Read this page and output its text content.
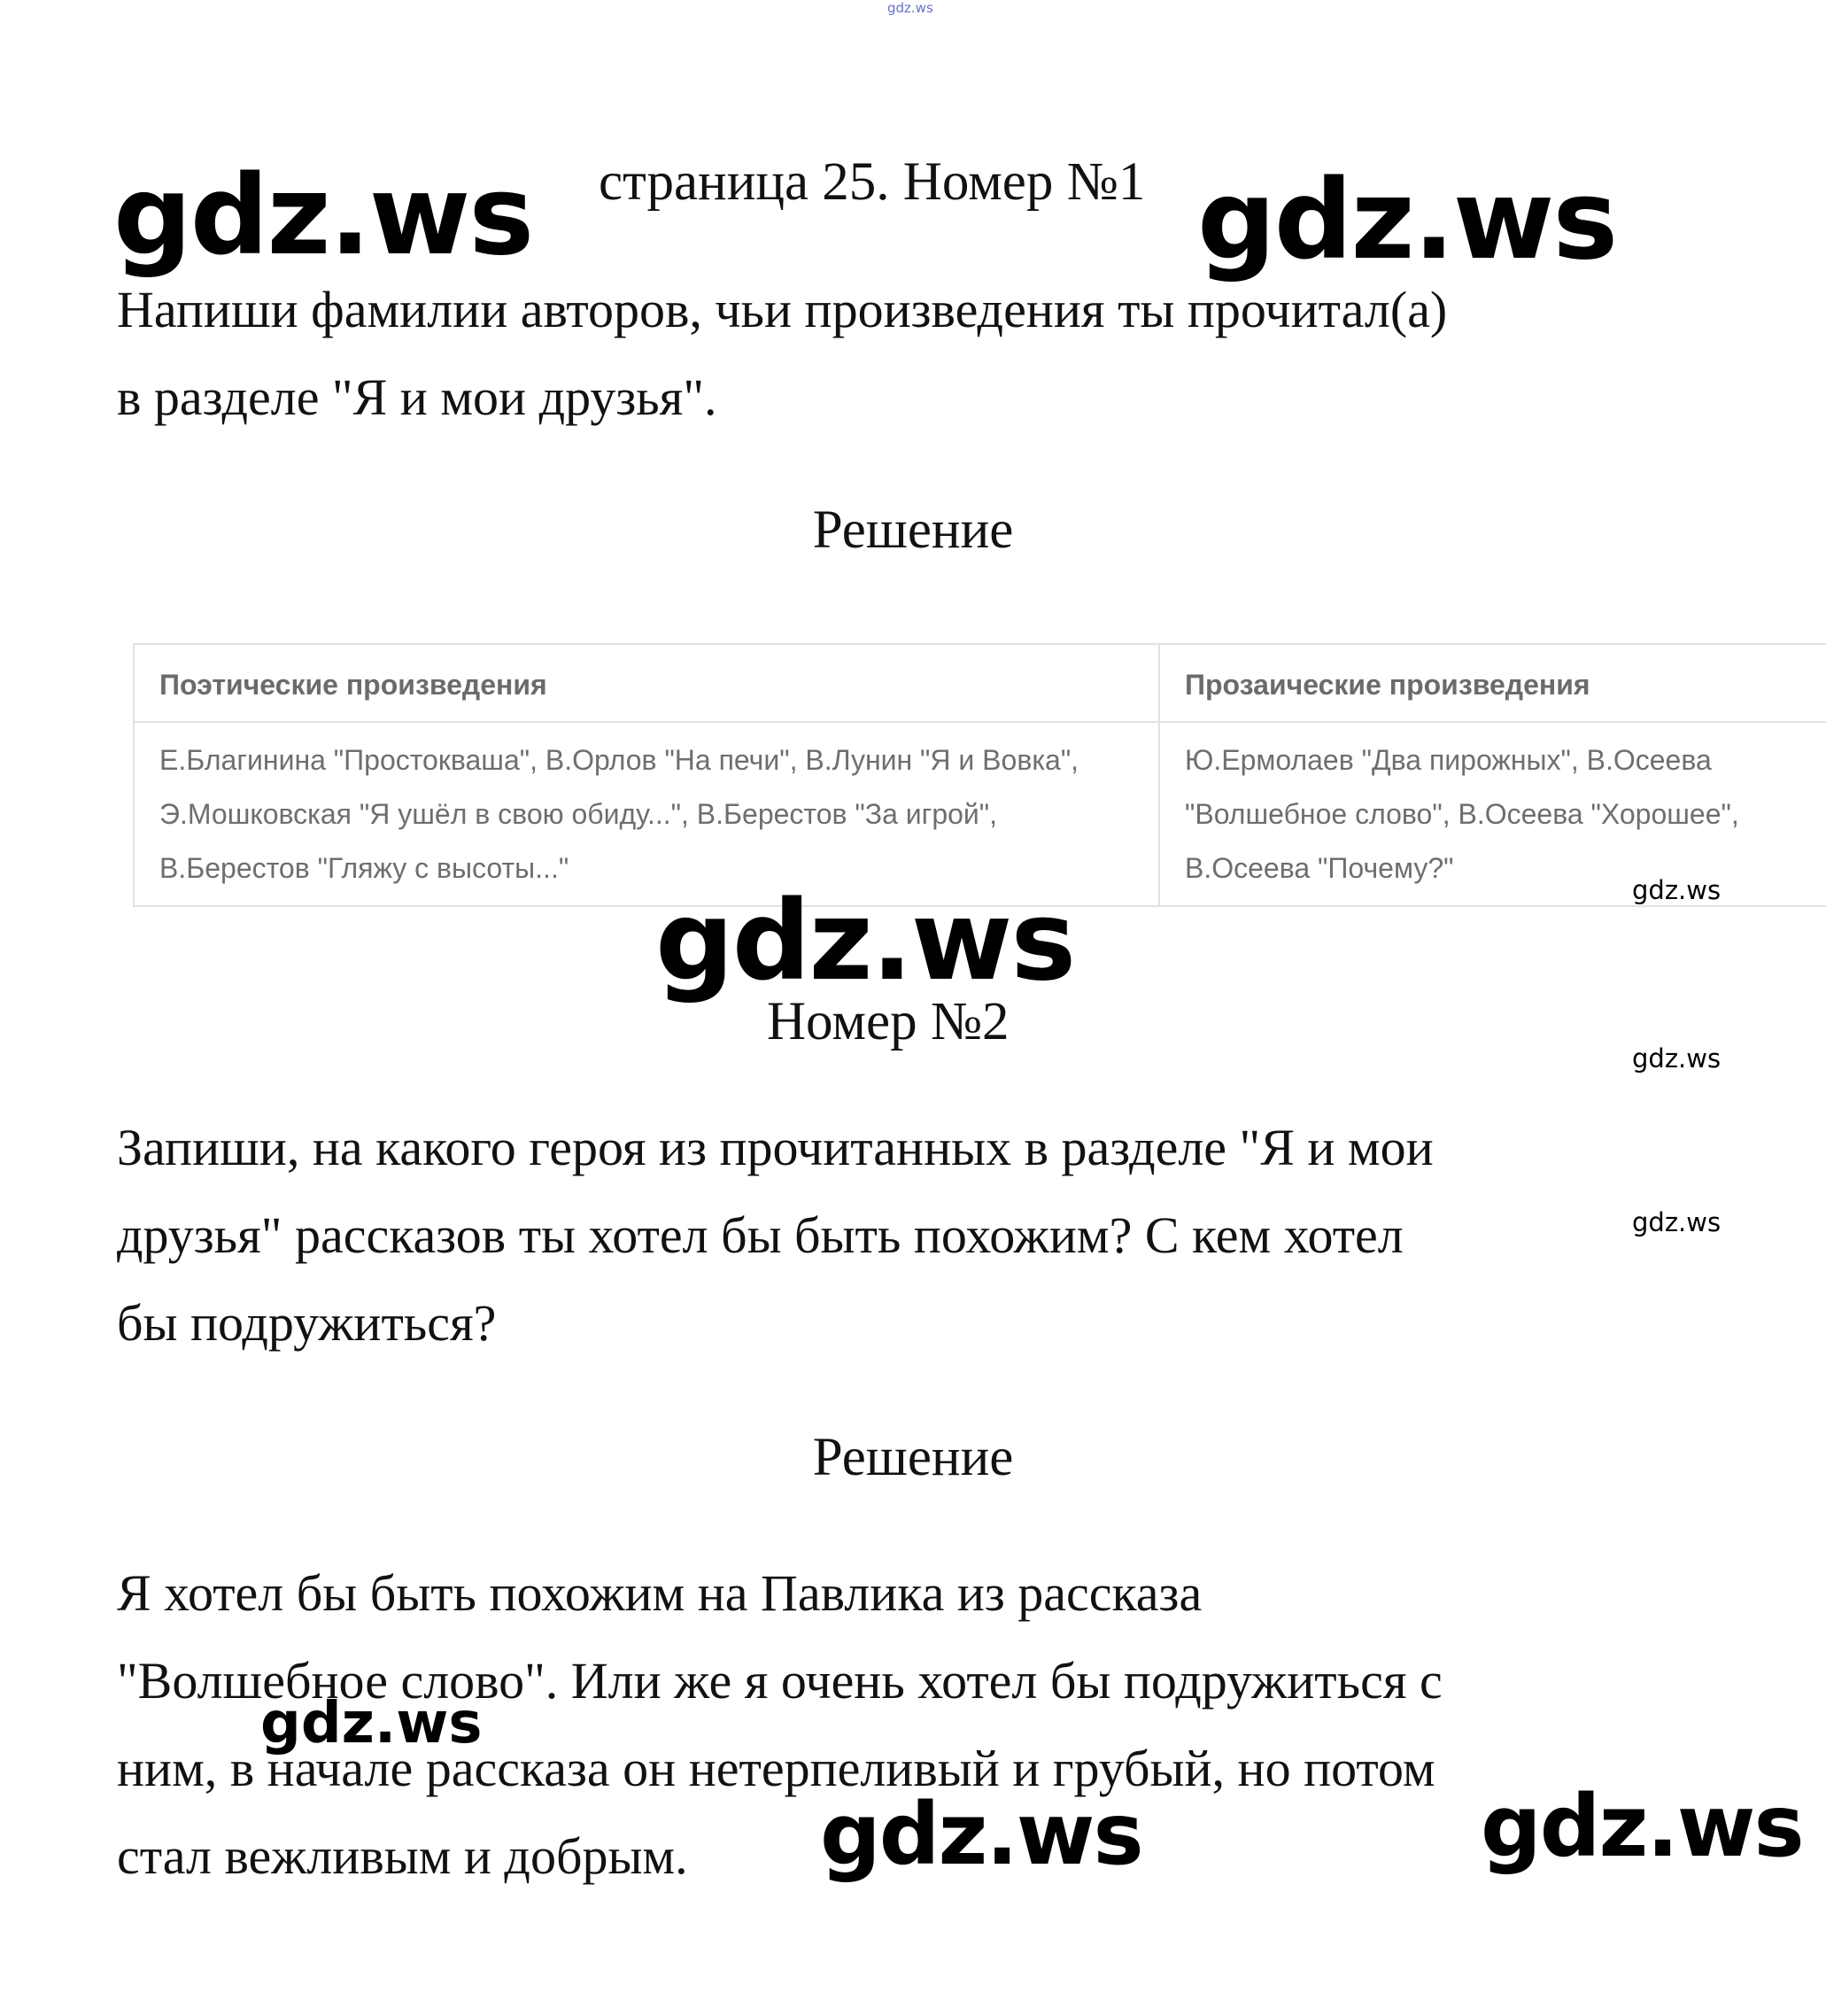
gdz.ws
gdz.ws страница 25. Номер №1 gdz.ws
Напиши фамилии авторов, чьи произведения ты прочитал(а)
в разделе "Я и мои друзья".
Решение
Поэтические произведения
Е.Благинина "Простокваша", В.Орлов "На печи", В.Лунин "Я и Вовка",
Э.Мошковская "Я ушёл в свою обиду...", В.Берестов "За игрой",
В.Берестов "Гляжу с высоты..."
Прозаические произведения
Ю.Ермолаев "Два пирожных", В.Осеева
"Волшебное слово", В.Осеева "Хорошее",
В.Осеева "Почему?"
gdz.ws
gdz.ws
Номер №2
gdz.ws
Запиши, на какого героя из прочитанных в разделе "Я и мои
друзья" рассказов ты хотел бы быть похожим? С кем хотел
бы подружиться?
gdz.ws
Решение
Я хотел бы быть похожим на Павлика из рассказа
"Волшебное слово". Или же я очень хотел бы подружиться с
ним, в начале рассказа он нетерпеливый и грубый, но потом
стал вежливым и добрым.
gdz.ws
gdz.ws	gdz.ws
